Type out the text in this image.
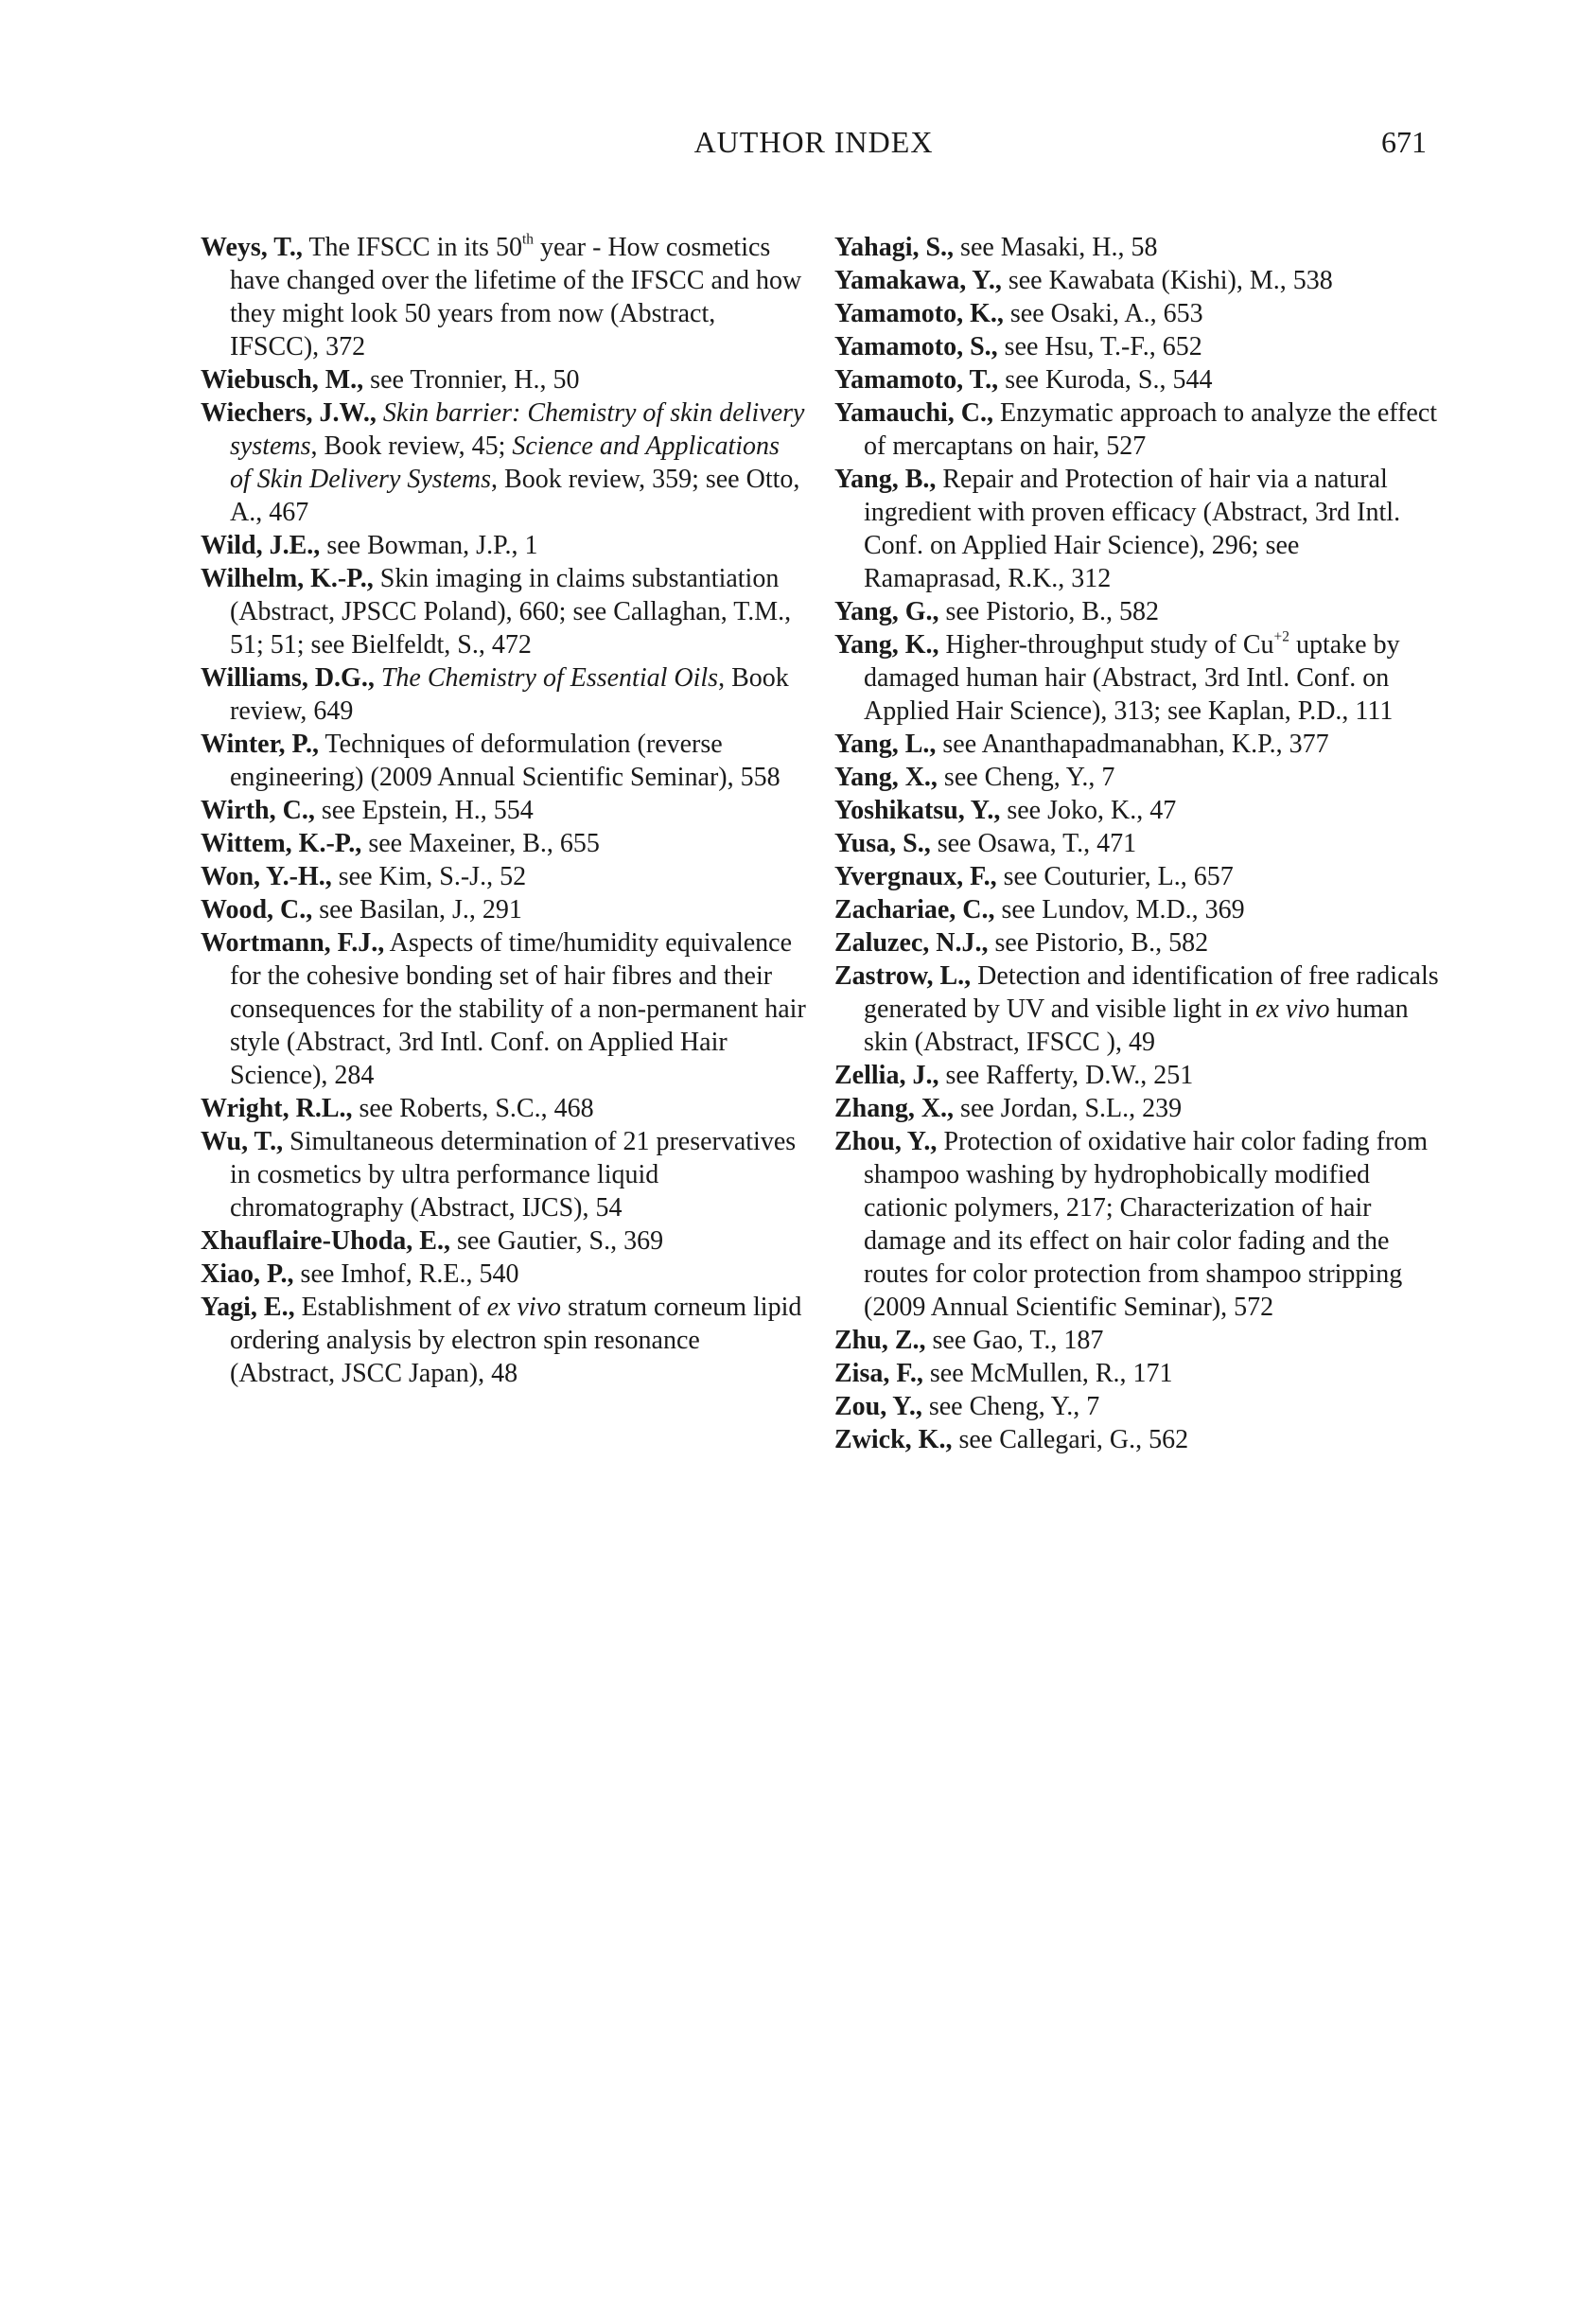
AUTHOR INDEX	671
Weys, T., The IFSCC in its 50th year - How cosmetics have changed over the lifetime of the IFSCC and how they might look 50 years from now (Abstract, IFSCC), 372
Wiebusch, M., see Tronnier, H., 50
Wiechers, J.W., Skin barrier: Chemistry of skin delivery systems, Book review, 45; Science and Applications of Skin Delivery Systems, Book review, 359; see Otto, A., 467
Wild, J.E., see Bowman, J.P., 1
Wilhelm, K.-P., Skin imaging in claims substantiation (Abstract, JPSCC Poland), 660; see Callaghan, T.M., 51; 51; see Bielfeldt, S., 472
Williams, D.G., The Chemistry of Essential Oils, Book review, 649
Winter, P., Techniques of deformulation (reverse engineering) (2009 Annual Scientific Seminar), 558
Wirth, C., see Epstein, H., 554
Wittem, K.-P., see Maxeiner, B., 655
Won, Y.-H., see Kim, S.-J., 52
Wood, C., see Basilan, J., 291
Wortmann, F.J., Aspects of time/humidity equivalence for the cohesive bonding set of hair fibres and their consequences for the stability of a non-permanent hair style (Abstract, 3rd Intl. Conf. on Applied Hair Science), 284
Wright, R.L., see Roberts, S.C., 468
Wu, T., Simultaneous determination of 21 preservatives in cosmetics by ultra performance liquid chromatography (Abstract, IJCS), 54
Xhauflaire-Uhoda, E., see Gautier, S., 369
Xiao, P., see Imhof, R.E., 540
Yagi, E., Establishment of ex vivo stratum corneum lipid ordering analysis by electron spin resonance (Abstract, JSCC Japan), 48
Yahagi, S., see Masaki, H., 58
Yamakawa, Y., see Kawabata (Kishi), M., 538
Yamamoto, K., see Osaki, A., 653
Yamamoto, S., see Hsu, T.-F., 652
Yamamoto, T., see Kuroda, S., 544
Yamauchi, C., Enzymatic approach to analyze the effect of mercaptans on hair, 527
Yang, B., Repair and Protection of hair via a natural ingredient with proven efficacy (Abstract, 3rd Intl. Conf. on Applied Hair Science), 296; see Ramaprasad, R.K., 312
Yang, G., see Pistorio, B., 582
Yang, K., Higher-throughput study of $Cu^{+2}$ uptake by damaged human hair (Abstract, 3rd Intl. Conf. on Applied Hair Science), 313; see Kaplan, P.D., 111
Yang, L., see Ananthapadmanabhan, K.P., 377
Yang, X., see Cheng, Y., 7
Yoshikatsu, Y., see Joko, K., 47
Yusa, S., see Osawa, T., 471
Yvergnaux, F., see Couturier, L., 657
Zachariae, C., see Lundov, M.D., 369
Zaluzec, N.J., see Pistorio, B., 582
Zastrow, L., Detection and identification of free radicals generated by UV and visible light in ex vivo human skin (Abstract, IFSCC ), 49
Zellia, J., see Rafferty, D.W., 251
Zhang, X., see Jordan, S.L., 239
Zhou, Y., Protection of oxidative hair color fading from shampoo washing by hydrophobically modified cationic polymers, 217; Characterization of hair damage and its effect on hair color fading and the routes for color protection from shampoo stripping (2009 Annual Scientific Seminar), 572
Zhu, Z., see Gao, T., 187
Zisa, F., see McMullen, R., 171
Zou, Y., see Cheng, Y., 7
Zwick, K., see Callegari, G., 562
